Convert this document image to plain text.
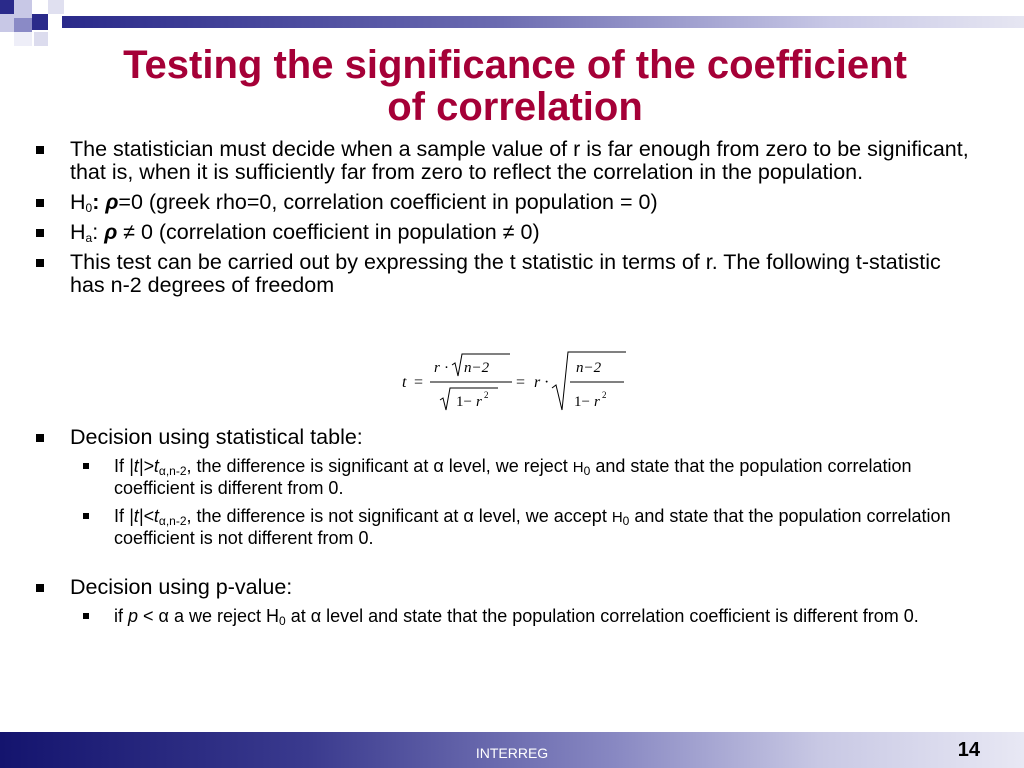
Testing the significance of the coefficient
of correlation
The statistician must decide when a sample value of r is far enough from zero to be significant, that is, when it is sufficiently far from zero to reflect the correlation in the population.
$H_0$: ρ=0 (greek rho=0, correlation coefficient in population = 0)
$H_a$: ρ ≠ 0 (correlation coefficient in population ≠ 0)
This test can be carried out by expressing the t statistic in terms of r. The following t-statistic has n-2 degrees of freedom
t =
r · n−2
1− r 2
= r ·
n−2
1− r 2
Decision using statistical table:
If $|t|>t_{\alpha,n-2}$, the difference is significant at α level, we reject $H_0$ and state that the population correlation coefficient is different from 0.
If $|t|<t_{\alpha,n-2}$, the difference is not significant at α level, we accept $H_0$ and state that the population correlation coefficient is not different from 0.
Decision using p-value:
if p < α a we reject $H_0$ at α level and state that the population correlation coefficient is different from 0.
INTERREG	14
